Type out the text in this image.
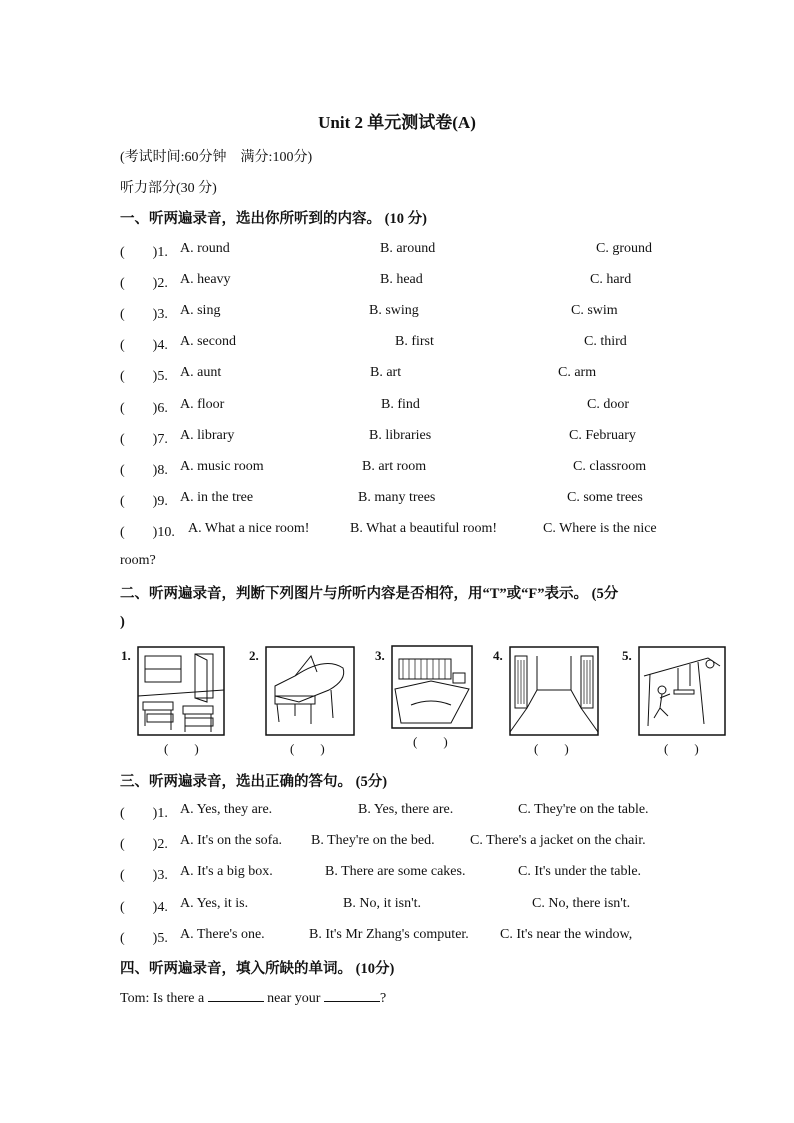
Unit 2 单元测试卷(A)
(考试时间:60分钟　满分:100分)
听力部分(30 分)
一、听两遍录音，选出你所听到的内容。 (10 分)
(　　)1. A. round	B. around	C. ground
(　　)2. A. heavy	B. head	C. hard
(　　)3. A. sing	B. swing	C. swim
(　　)4. A. second	B. first	C. third
(　　)5. A. aunt	B. art	C. arm
(　　)6. A. floor	B. find	C. door
(　　)7. A. library	B. libraries	C. February
(　　)8. A. music room	B. art room	C. classroom
(　　)9. A. in the tree	B. many trees	C. some trees
(　　)10. A. What a nice room!	B. What a beautiful room!	C. Where is the nice
room?
二、听两遍录音，判断下列图片与所听内容是否相符，用“T”或“F”表示。 (5分
)
1.
(　　)
2.
(　　)
3.
(　　)
4.
(　　)
5.
(　　)
三、听两遍录音，选出正确的答句。 (5分)
(　　)1. A. Yes, they are.	B. Yes, there are.	C. They're on the table.
(　　)2. A. It's on the sofa. B. They're on the bed.	C. There's a jacket on the chair.
(　　)3. A. It's a big box.	B. There are some cakes.	C. It's under the table.
(　　)4. A. Yes, it is.	B. No, it isn't.	C. No, there isn't.
(　　)5. A. There's one.	B. It's Mr Zhang's computer. C. It's near the window,
四、听两遍录音，填入所缺的单词。 (10分)
Tom: Is there a	near your	?
